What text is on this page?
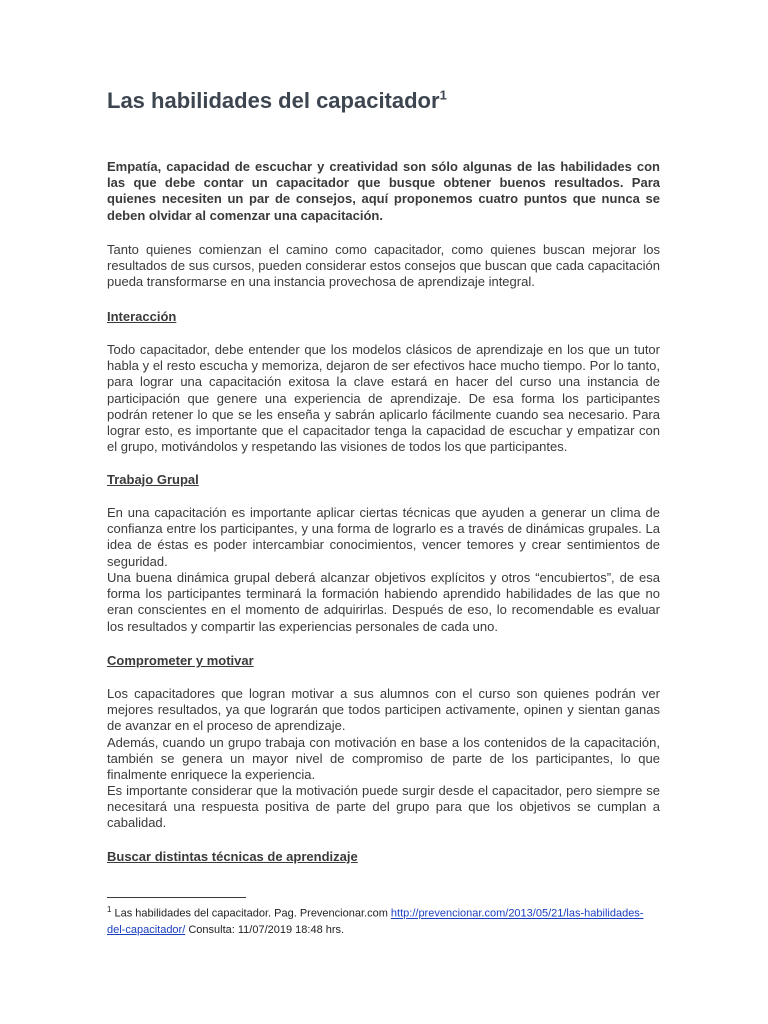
Las habilidades del capacitador$^1$

Empatía, capacidad de escuchar y creatividad son sólo algunas de las habilidades con las que debe contar un capacitador que busque obtener buenos resultados. Para quienes necesiten un par de consejos, aquí proponemos cuatro puntos que nunca se deben olvidar al comenzar una capacitación.

Tanto quienes comienzan el camino como capacitador, como quienes buscan mejorar los resultados de sus cursos, pueden considerar estos consejos que buscan que cada capacitación pueda transformarse en una instancia provechosa de aprendizaje integral.

Interacción

Todo capacitador, debe entender que los modelos clásicos de aprendizaje en los que un tutor habla y el resto escucha y memoriza, dejaron de ser efectivos hace mucho tiempo. Por lo tanto, para lograr una capacitación exitosa la clave estará en hacer del curso una instancia de participación que genere una experiencia de aprendizaje. De esa forma los participantes podrán retener lo que se les enseña y sabrán aplicarlo fácilmente cuando sea necesario. Para lograr esto, es importante que el capacitador tenga la capacidad de escuchar y empatizar con el grupo, motivándolos y respetando las visiones de todos los que participantes.

Trabajo Grupal

En una capacitación es importante aplicar ciertas técnicas que ayuden a generar un clima de confianza entre los participantes, y una forma de lograrlo es a través de dinámicas grupales. La idea de éstas es poder intercambiar conocimientos, vencer temores y crear sentimientos de seguridad.

Una buena dinámica grupal deberá alcanzar objetivos explícitos y otros “encubiertos”, de esa forma los participantes terminará la formación habiendo aprendido habilidades de las que no eran conscientes en el momento de adquirirlas. Después de eso, lo recomendable es evaluar los resultados y compartir las experiencias personales de cada uno.

Comprometer y motivar

Los capacitadores que logran motivar a sus alumnos con el curso son quienes podrán ver mejores resultados, ya que lograrán que todos participen activamente, opinen y sientan ganas de avanzar en el proceso de aprendizaje.

Además, cuando un grupo trabaja con motivación en base a los contenidos de la capacitación, también se genera un mayor nivel de compromiso de parte de los participantes, lo que finalmente enriquece la experiencia.

Es importante considerar que la motivación puede surgir desde el capacitador, pero siempre se necesitará una respuesta positiva de parte del grupo para que los objetivos se cumplan a cabalidad.

Buscar distintas técnicas de aprendizaje

$^1$ Las habilidades del capacitador. Pag. Prevencionar.com http://prevencionar.com/2013/05/21/las-habilidades-del-capacitador/ Consulta: 11/07/2019 18:48 hrs.
